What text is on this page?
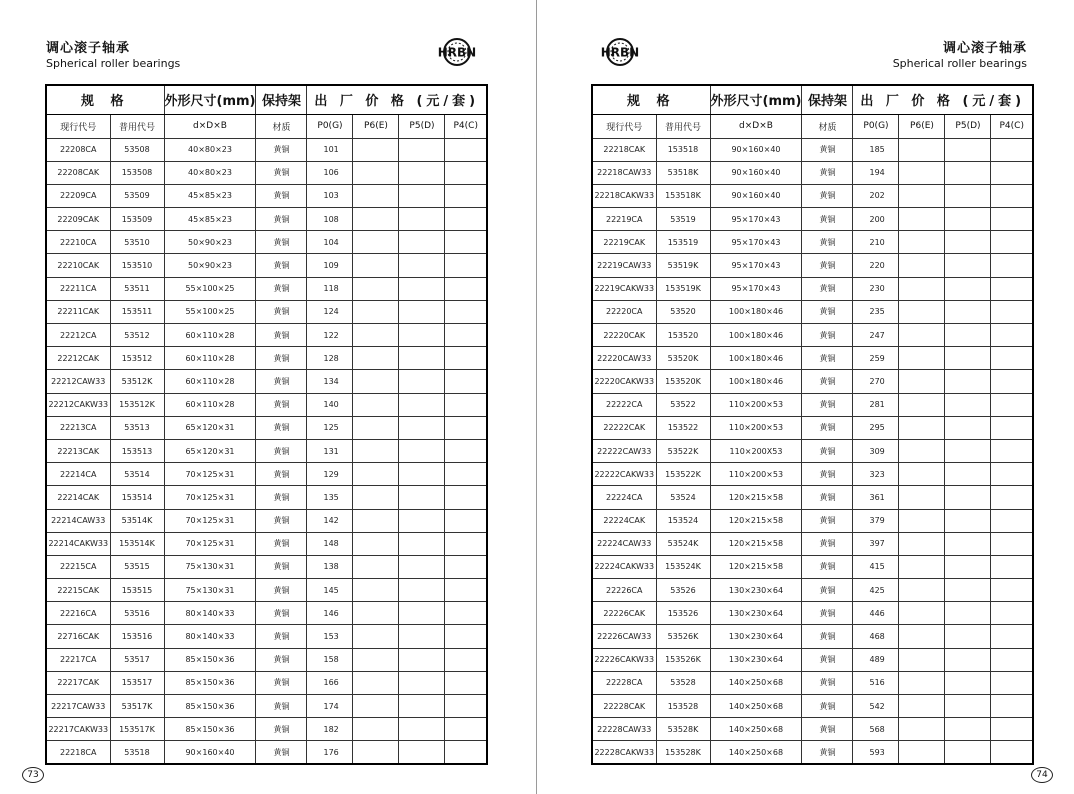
调心滚子轴承
Spherical roller bearings
HRBN
规 格		外形尺寸(mm)	保持架	出 厂 价 格 (元/套)			
现行代号	普用代号	d×D×B	材质	P0(G)	P6(E)	P5(D)	P4(C)
22208CA	53508	40×80×23	黄铜	101			
22208CAK	153508	40×80×23	黄铜	106			
22209CA	53509	45×85×23	黄铜	103			
22209CAK	153509	45×85×23	黄铜	108			
22210CA	53510	50×90×23	黄铜	104			
22210CAK	153510	50×90×23	黄铜	109			
22211CA	53511	55×100×25	黄铜	118			
22211CAK	153511	55×100×25	黄铜	124			
22212CA	53512	60×110×28	黄铜	122			
22212CAK	153512	60×110×28	黄铜	128			
22212CAW33	53512K	60×110×28	黄铜	134			
22212CAKW33	153512K	60×110×28	黄铜	140			
22213CA	53513	65×120×31	黄铜	125			
22213CAK	153513	65×120×31	黄铜	131			
22214CA	53514	70×125×31	黄铜	129			
22214CAK	153514	70×125×31	黄铜	135			
22214CAW33	53514K	70×125×31	黄铜	142			
22214CAKW33	153514K	70×125×31	黄铜	148			
22215CA	53515	75×130×31	黄铜	138			
22215CAK	153515	75×130×31	黄铜	145			
22216CA	53516	80×140×33	黄铜	146			
22716CAK	153516	80×140×33	黄铜	153			
22217CA	53517	85×150×36	黄铜	158			
22217CAK	153517	85×150×36	黄铜	166			
22217CAW33	53517K	85×150×36	黄铜	174			
22217CAKW33	153517K	85×150×36	黄铜	182			
22218CA	53518	90×160×40	黄铜	176			
73
调心滚子轴承
Spherical roller bearings
HRBN
规 格		外形尺寸(mm)	保持架	出 厂 价 格 (元/套)			
现行代号	普用代号	d×D×B	材质	P0(G)	P6(E)	P5(D)	P4(C)
22218CAK	153518	90×160×40	黄铜	185			
22218CAW33	53518K	90×160×40	黄铜	194			
22218CAKW33	153518K	90×160×40	黄铜	202			
22219CA	53519	95×170×43	黄铜	200			
22219CAK	153519	95×170×43	黄铜	210			
22219CAW33	53519K	95×170×43	黄铜	220			
22219CAKW33	153519K	95×170×43	黄铜	230			
22220CA	53520	100×180×46	黄铜	235			
22220CAK	153520	100×180×46	黄铜	247			
22220CAW33	53520K	100×180×46	黄铜	259			
22220CAKW33	153520K	100×180×46	黄铜	270			
22222CA	53522	110×200×53	黄铜	281			
22222CAK	153522	110×200×53	黄铜	295			
22222CAW33	53522K	110×200X53	黄铜	309			
22222CAKW33	153522K	110×200×53	黄铜	323			
22224CA	53524	120×215×58	黄铜	361			
22224CAK	153524	120×215×58	黄铜	379			
22224CAW33	53524K	120×215×58	黄铜	397			
22224CAKW33	153524K	120×215×58	黄铜	415			
22226CA	53526	130×230×64	黄铜	425			
22226CAK	153526	130×230×64	黄铜	446			
22226CAW33	53526K	130×230×64	黄铜	468			
22226CAKW33	153526K	130×230×64	黄铜	489			
22228CA	53528	140×250×68	黄铜	516			
22228CAK	153528	140×250×68	黄铜	542			
22228CAW33	53528K	140×250×68	黄铜	568			
22228CAKW33	153528K	140×250×68	黄铜	593			
74
